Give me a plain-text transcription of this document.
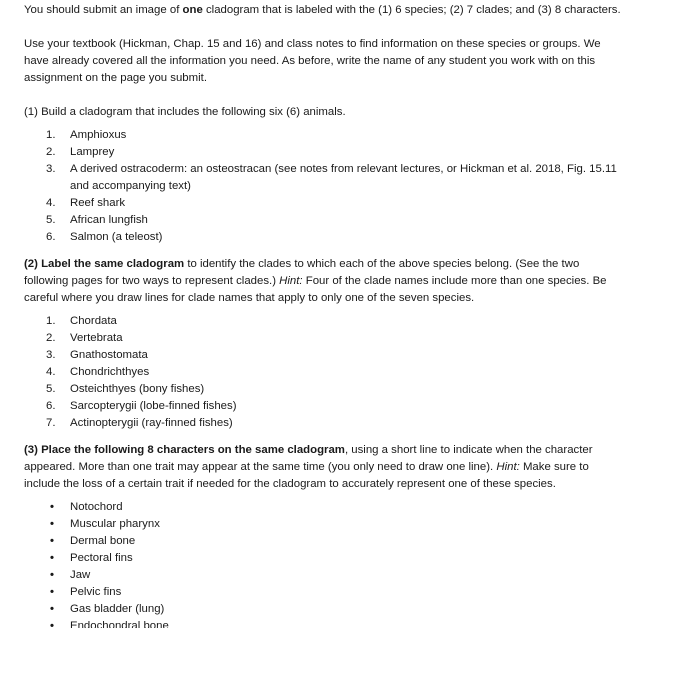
You should submit an image of one cladogram that is labeled with the (1) 6 species; (2) 7 clades; and (3) 8 characters.

Use your textbook (Hickman, Chap. 15 and 16) and class notes to find information on these species or groups. We have already covered all the information you need. As before, write the name of any student you work with on this assignment on the page you submit.

(1) Build a cladogram that includes the following six (6) animals.

1. Amphioxus
2. Lamprey
3. A derived ostracoderm: an osteostracan (see notes from relevant lectures, or Hickman et al. 2018, Fig. 15.11 and accompanying text)
4. Reef shark
5. African lungfish
6. Salmon (a teleost)

(2) Label the same cladogram to identify the clades to which each of the above species belong. (See the two following pages for two ways to represent clades.) Hint: Four of the clade names include more than one species. Be careful where you draw lines for clade names that apply to only one of the seven species.

1. Chordata
2. Vertebrata
3. Gnathostomata
4. Chondrichthyes
5. Osteichthyes (bony fishes)
6. Sarcopterygii (lobe-finned fishes)
7. Actinopterygii (ray-finned fishes)

(3) Place the following 8 characters on the same cladogram, using a short line to indicate when the character appeared. More than one trait may appear at the same time (you only need to draw one line). Hint: Make sure to include the loss of a certain trait if needed for the cladogram to accurately represent one of these species.

• Notochord
• Muscular pharynx
• Dermal bone
• Pectoral fins
• Jaw
• Pelvic fins
• Gas bladder (lung)
• Endochondral bone
